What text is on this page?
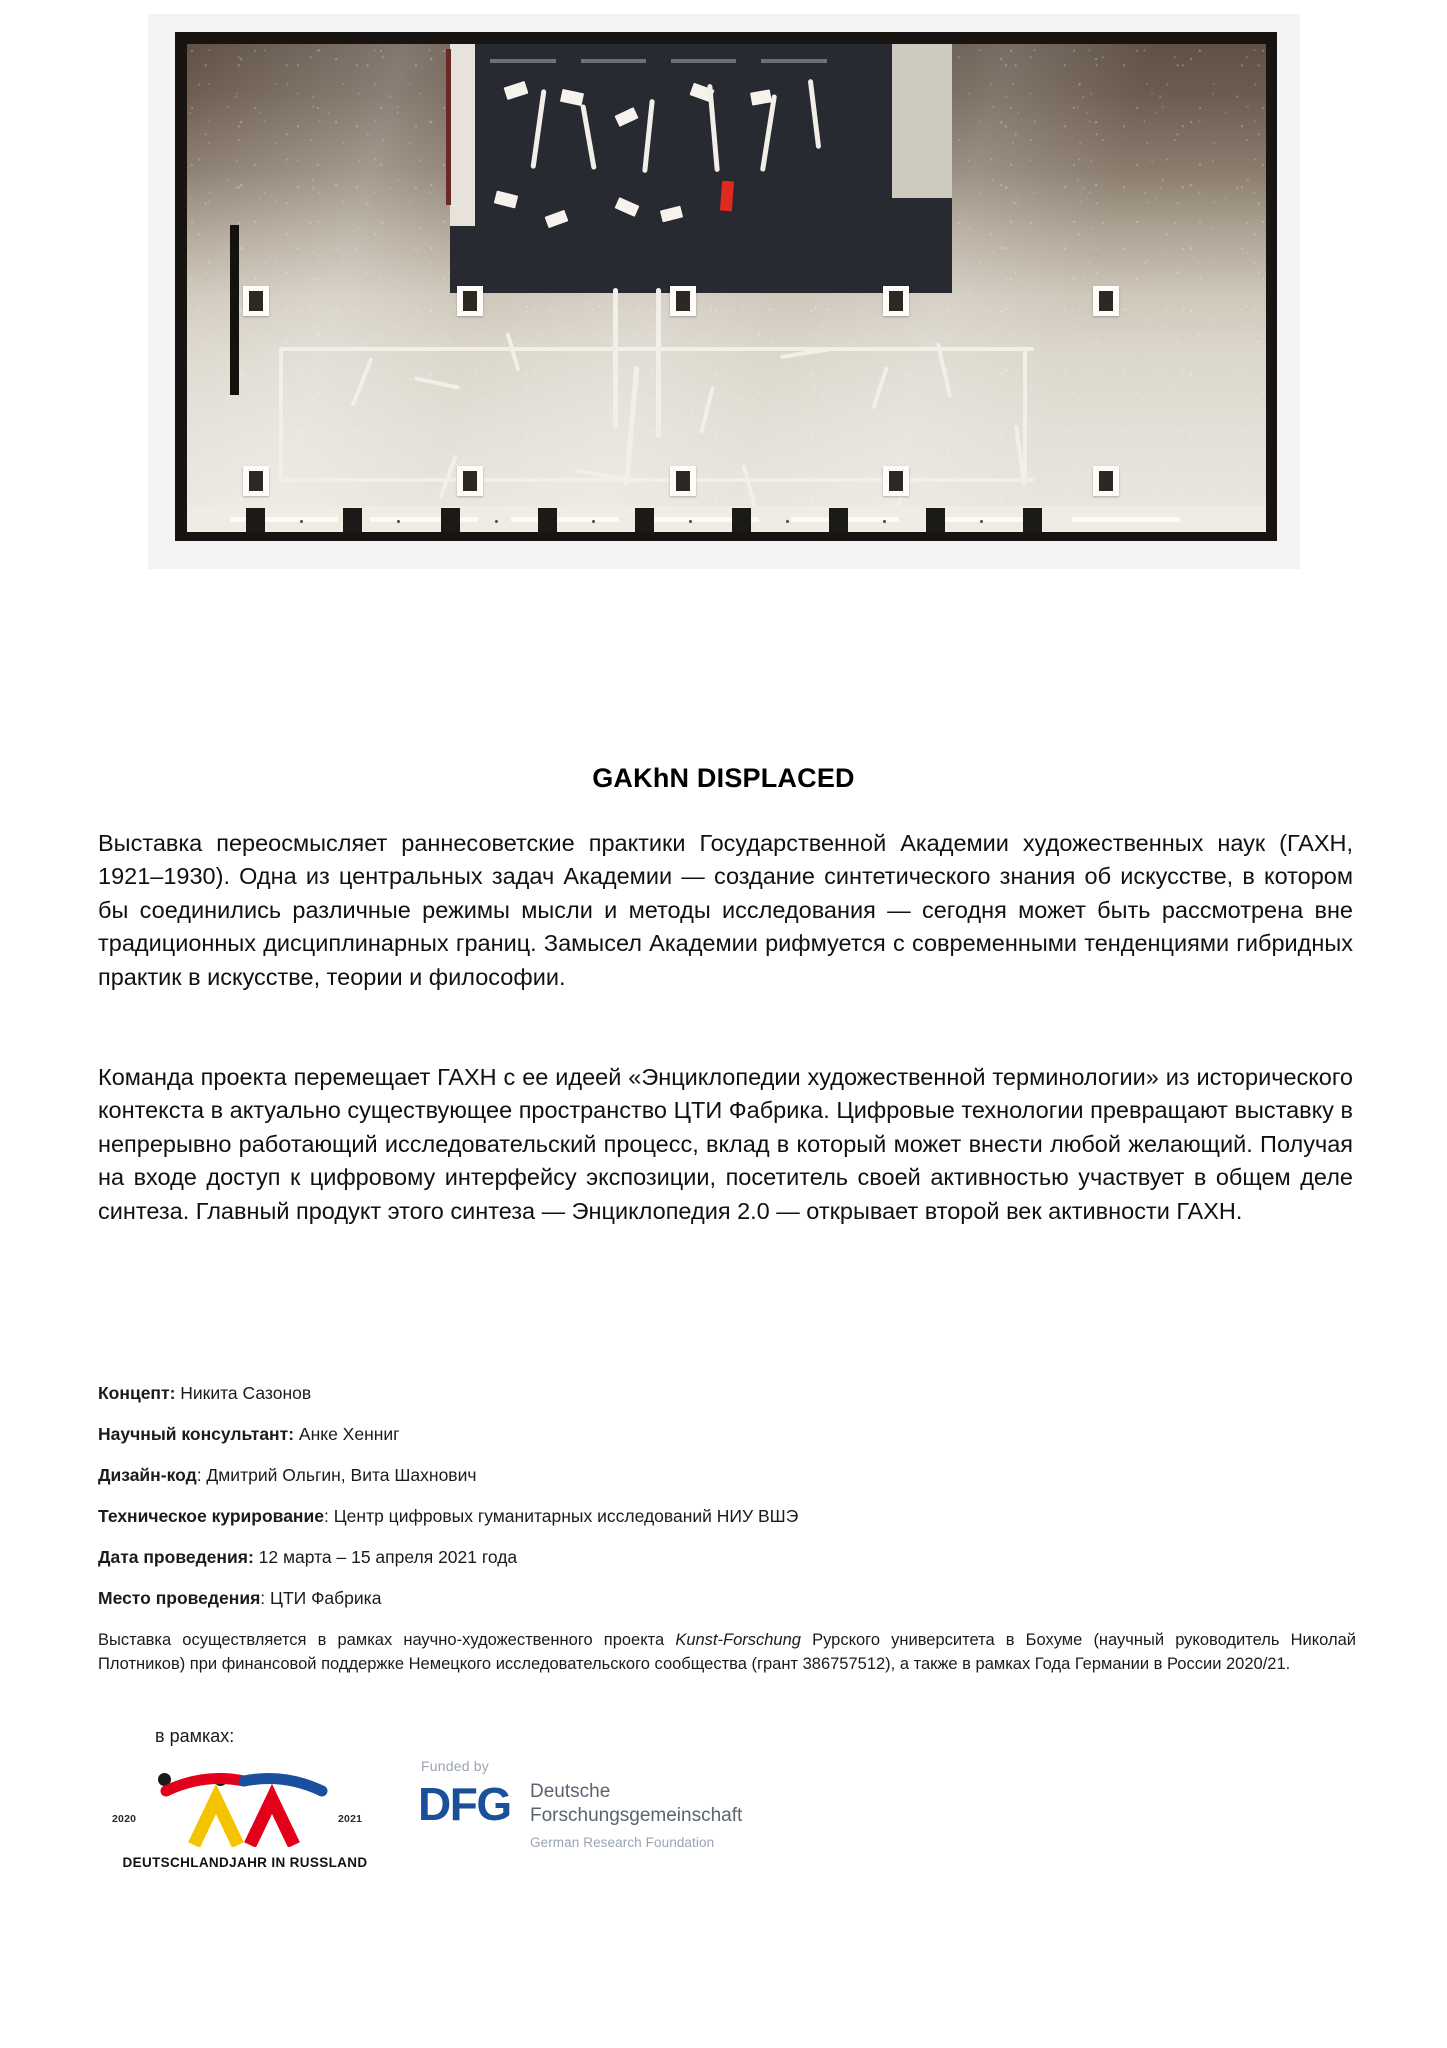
GAKhN DISPLACED

Выставка переосмысляет раннесоветские практики Государственной Академии художественных наук (ГАХН, 1921–1930). Одна из центральных задач Академии — создание синтетического знания об искусстве, в котором бы соединились различные режимы мысли и методы исследования — сегодня может быть рассмотрена вне традиционных дисциплинарных границ. Замысел Академии рифмуется с современными тенденциями гибридных практик в искусстве, теории и философии.

Команда проекта перемещает ГАХН с ее идеей «Энциклопедии художественной терминологии» из исторического контекста в актуально существующее пространство ЦТИ Фабрика. Цифровые технологии превращают выставку в непрерывно работающий исследовательский процесс, вклад в который может внести любой желающий. Получая на входе доступ к цифровому интерфейсу экспозиции, посетитель своей активностью участвует в общем деле синтеза. Главный продукт этого синтеза — Энциклопедия 2.0 — открывает второй век активности ГАХН.

Концепт: Никита Сазонов
Научный консультант: Анке Хенниг
Дизайн-код: Дмитрий Ольгин, Вита Шахнович
Техническое курирование: Центр цифровых гуманитарных исследований НИУ ВШЭ
Дата проведения: 12 марта – 15 апреля 2021 года
Место проведения: ЦТИ Фабрика
Выставка осуществляется в рамках научно-художественного проекта Kunst-Forschung Рурского университета в Бохуме (научный руководитель Николай Плотников) при финансовой поддержке Немецкого исследовательского сообщества (грант 386757512), а также в рамках Года Германии в России 2020/21.
в рамках:
2020	2021
DEUTSCHLANDJAHR IN RUSSLAND
Funded by
DFG Deutsche
Forschungsgemeinschaft
German Research Foundation
